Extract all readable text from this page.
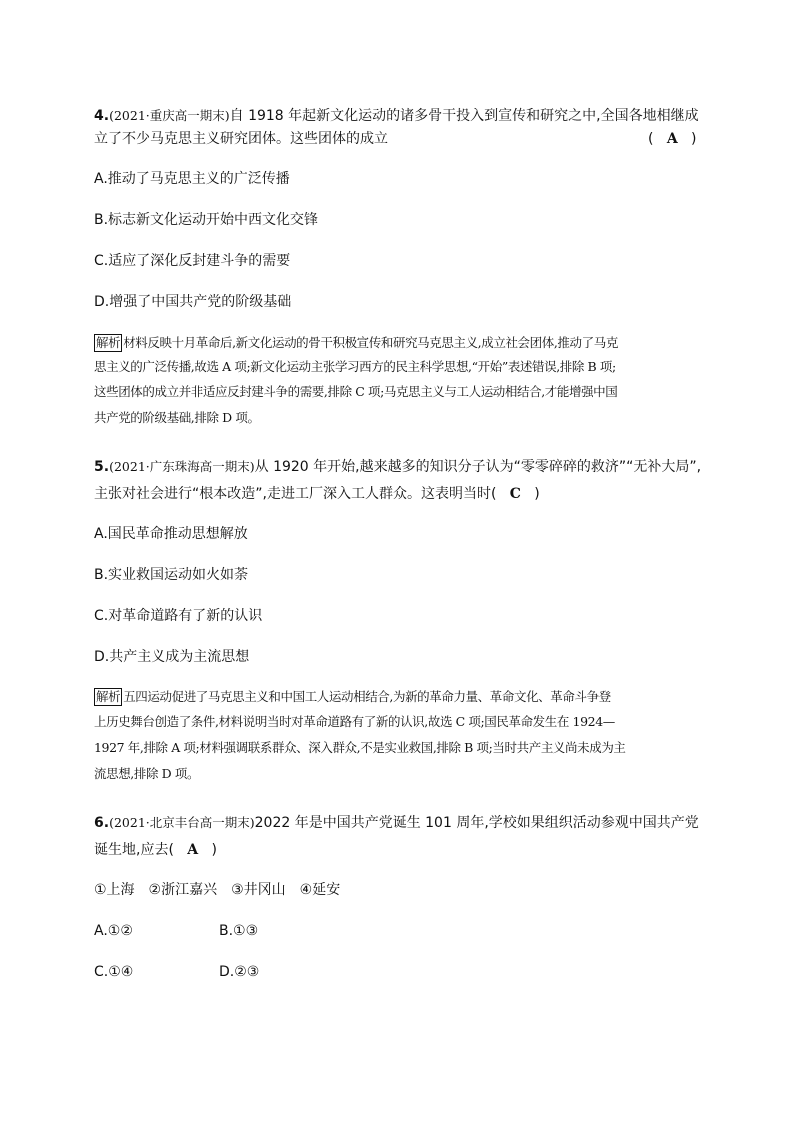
4.(2021·重庆高一期末)自 1918 年起新文化运动的诸多骨干投入到宣传和研究之中,全国各地相继成

立了不少马克思主义研究团体。这些团体的成立	(   A   )

A.推动了马克思主义的广泛传播

B.标志新文化运动开始中西文化交锋

C.适应了深化反封建斗争的需要

D.增强了中国共产党的阶级基础

解析 材料反映十月革命后,新文化运动的骨干积极宣传和研究马克思主义,成立社会团体,推动了马克

思主义的广泛传播,故选 A 项;新文化运动主张学习西方的民主科学思想,“开始”表述错误,排除 B 项;

这些团体的成立并非适应反封建斗争的需要,排除 C 项;马克思主义与工人运动相结合,才能增强中国

共产党的阶级基础,排除 D 项。

5.(2021·广东珠海高一期末)从 1920 年开始,越来越多的知识分子认为“零零碎碎的救济”“无补大局”,

主张对社会进行“根本改造”,走进工厂深入工人群众。这表明当时( C   )

A.国民革命推动思想解放

B.实业救国运动如火如荼

C.对革命道路有了新的认识

D.共产主义成为主流思想

解析 五四运动促进了马克思主义和中国工人运动相结合,为新的革命力量、革命文化、革命斗争登

上历史舞台创造了条件,材料说明当时对革命道路有了新的认识,故选 C 项;国民革命发生在 1924—

1927 年,排除 A 项;材料强调联系群众、深入群众,不是实业救国,排除 B 项;当时共产主义尚未成为主

流思想,排除 D 项。

6.(2021·北京丰台高一期末)2022 年是中国共产党诞生 101 周年,学校如果组织活动参观中国共产党

诞生地,应去( A   )

①上海　②浙江嘉兴　③井冈山　④延安

A.①②	B.①③

C.①④	D.②③
